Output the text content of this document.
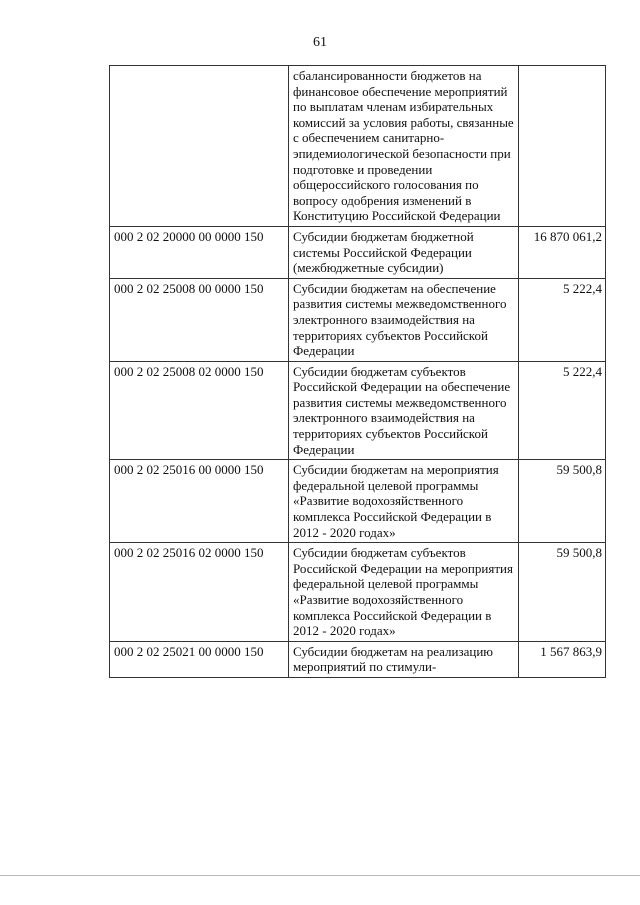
61
	сбалансированности бюджетов на финансовое обеспечение мероприятий по выплатам членам избирательных комиссий за условия работы, связанные с обеспечением санитарно-эпидемиологической безопасности при подготовке и проведении общероссийского голосования по вопросу одобрения изменений в Конституцию Российской Федерации	
000 2 02 20000 00 0000 150	Субсидии бюджетам бюджетной системы Российской Федерации (межбюджетные субсидии)	16 870 061,2
000 2 02 25008 00 0000 150	Субсидии бюджетам на обеспечение развития системы межведомственного электронного взаимодействия на территориях субъектов Российской Федерации	5 222,4
000 2 02 25008 02 0000 150	Субсидии бюджетам субъектов Российской Федерации на обеспечение развития системы межведомственного электронного взаимодействия на территориях субъектов Российской Федерации	5 222,4
000 2 02 25016 00 0000 150	Субсидии бюджетам на мероприятия федеральной целевой программы «Развитие водохозяйственного комплекса Российской Федерации в 2012 - 2020 годах»	59 500,8
000 2 02 25016 02 0000 150	Субсидии бюджетам субъектов Российской Федерации на мероприятия федеральной целевой программы «Развитие водохозяйственного комплекса Российской Федерации в 2012 - 2020 годах»	59 500,8
000 2 02 25021 00 0000 150	Субсидии бюджетам на реализацию мероприятий по стимули-	1 567 863,9
